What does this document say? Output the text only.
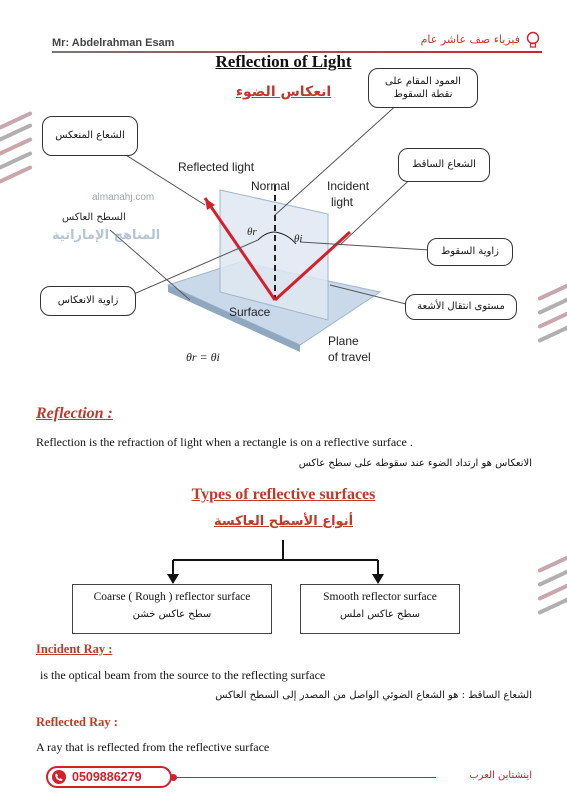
Mr: Abdelrahman Esam	فيزياء صف عاشر عام
Reflection of Light
انعكاس الضوء
Reflected light
Normal	Incident
light
θr
θi
Surface
Plane
of travel
θr = θi
العمود المقام على
نقطة السقوط
الشعاع المنعكس
الشعاع الساقط
زاوية السقوط
زاوية الانعكاس
مستوى انتقال الأشعة
السطح العاكس
almanahj.com
المناهج الإماراتية
Reflection :
Reflection is the refraction of light when a rectangle is on a reflective surface .
الانعكاس هو ارتداد الضوء عند سقوطه على سطح عاكس
Types of reflective surfaces
أنواع الأسطح العاكسة
Coarse ( Rough ) reflector surface
سطح عاكس خشن
Smooth reflector surface
سطح عاكس املس
Incident Ray :
is the optical beam from the source to the reflecting surface
الشعاع الساقط : هو الشعاع الضوئي الواصل من المصدر إلى السطح العاكس
Reflected Ray :
A ray that is reflected from the reflective surface
0509886279	اينشتاين العرب
